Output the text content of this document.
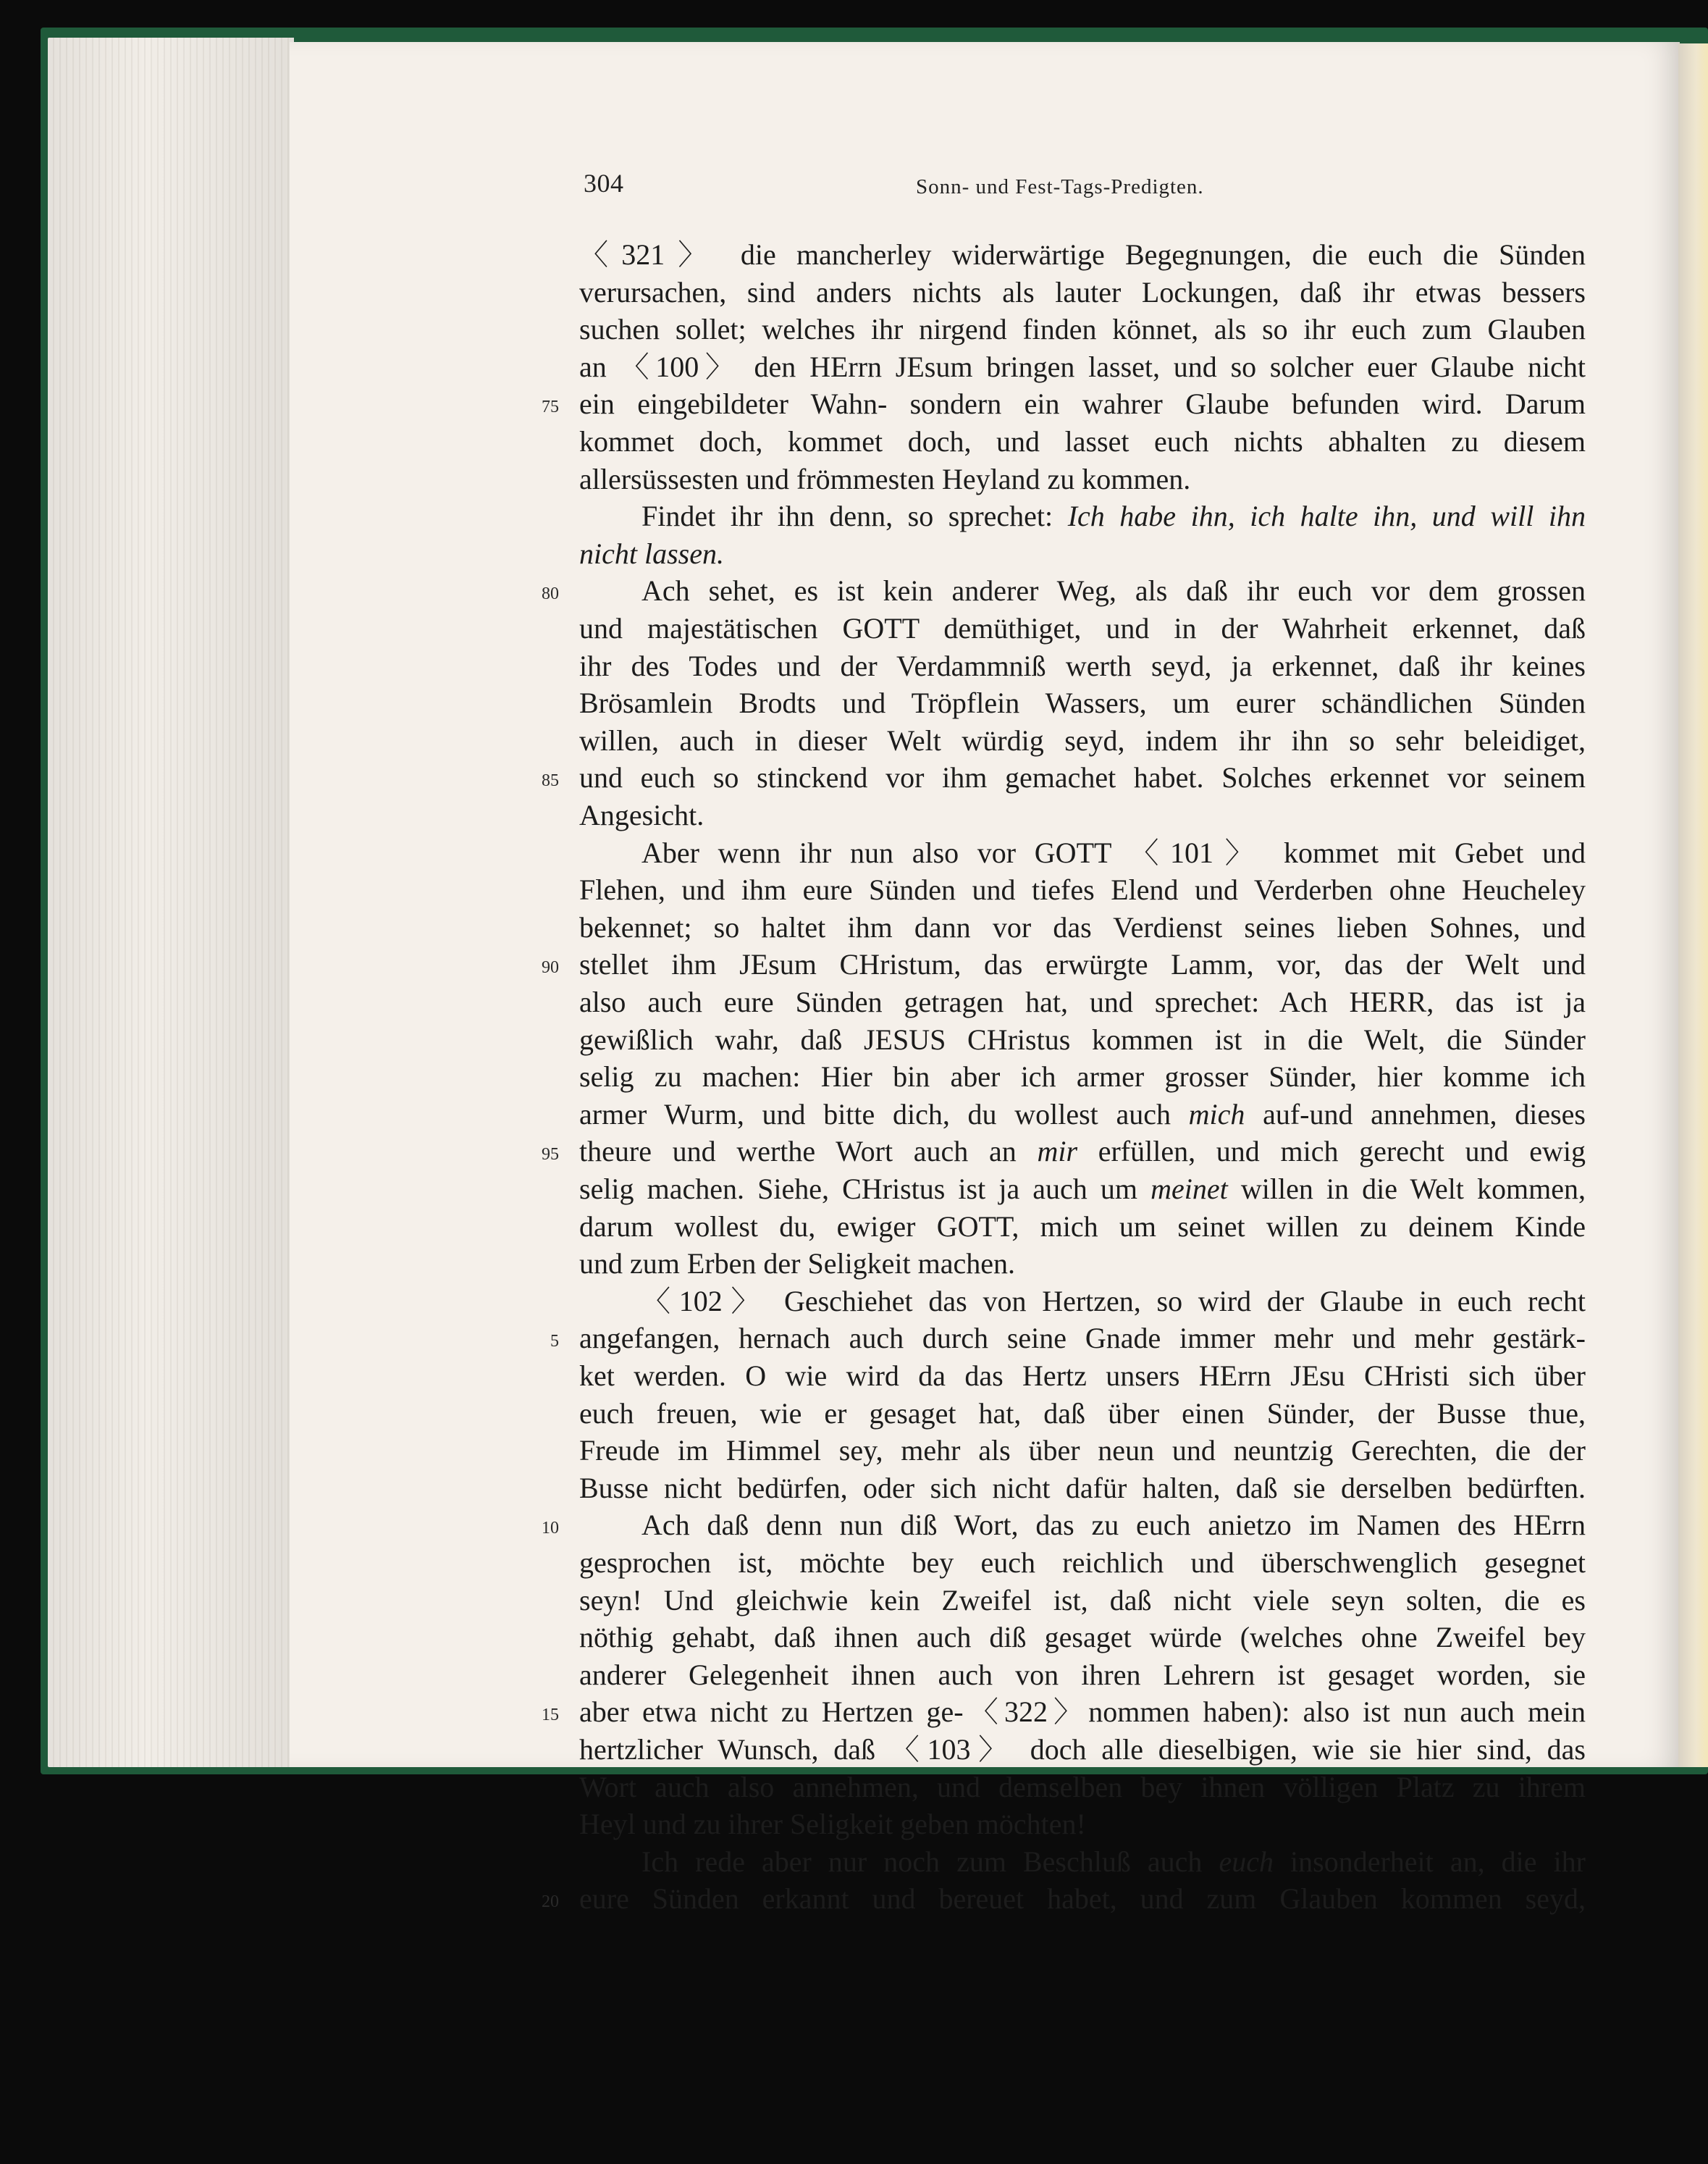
304	Sonn- und Fest-Tags-Predigten.
〈321〉 die mancherley widerwärtige Begegnungen, die euch die Sünden
verursachen, sind anders nichts als lauter Lockungen, daß ihr etwas bessers
suchen sollet; welches ihr nirgend finden könnet, als so ihr euch zum Glauben
an 〈100〉 den HErrn JEsum bringen lasset, und so solcher euer Glaube nicht
ein eingebildeter Wahn- sondern ein wahrer Glaube befunden wird. Darum
75
kommet doch, kommet doch, und lasset euch nichts abhalten zu diesem
allersüssesten und frömmesten Heyland zu kommen.
Findet ihr ihn denn, so sprechet: Ich habe ihn, ich halte ihn, und will ihn
nicht lassen.
Ach sehet, es ist kein anderer Weg, als daß ihr euch vor dem grossen
80
und majestätischen GOTT demüthiget, und in der Wahrheit erkennet, daß
ihr des Todes und der Verdammniß werth seyd, ja erkennet, daß ihr keines
Brösamlein Brodts und Tröpflein Wassers, um eurer schändlichen Sünden
willen, auch in dieser Welt würdig seyd, indem ihr ihn so sehr beleidiget,
und euch so stinckend vor ihm gemachet habet. Solches erkennet vor seinem
85
Angesicht.
Aber wenn ihr nun also vor GOTT 〈101〉 kommet mit Gebet und
Flehen, und ihm eure Sünden und tiefes Elend und Verderben ohne Heucheley
bekennet; so haltet ihm dann vor das Verdienst seines lieben Sohnes, und
stellet ihm JEsum CHristum, das erwürgte Lamm, vor, das der Welt und
90
also auch eure Sünden getragen hat, und sprechet: Ach HERR, das ist ja
gewißlich wahr, daß JESUS CHristus kommen ist in die Welt, die Sünder
selig zu machen: Hier bin aber ich armer grosser Sünder, hier komme ich
armer Wurm, und bitte dich, du wollest auch mich auf-und annehmen, dieses
theure und werthe Wort auch an mir erfüllen, und mich gerecht und ewig
95
selig machen. Siehe, CHristus ist ja auch um meinet willen in die Welt kommen,
darum wollest du, ewiger GOTT, mich um seinet willen zu deinem Kinde
und zum Erben der Seligkeit machen.
〈102〉 Geschiehet das von Hertzen, so wird der Glaube in euch recht
angefangen, hernach auch durch seine Gnade immer mehr und mehr gestärk-
5
ket werden. O wie wird da das Hertz unsers HErrn JEsu CHristi sich über
euch freuen, wie er gesaget hat, daß über einen Sünder, der Busse thue,
Freude im Himmel sey, mehr als über neun und neuntzig Gerechten, die der
Busse nicht bedürfen, oder sich nicht dafür halten, daß sie derselben bedürften.
Ach daß denn nun diß Wort, das zu euch anietzo im Namen des HErrn
10
gesprochen ist, möchte bey euch reichlich und überschwenglich gesegnet
seyn! Und gleichwie kein Zweifel ist, daß nicht viele seyn solten, die es
nöthig gehabt, daß ihnen auch diß gesaget würde (welches ohne Zweifel bey
anderer Gelegenheit ihnen auch von ihren Lehrern ist gesaget worden, sie
aber etwa nicht zu Hertzen ge-〈322〉nommen haben): also ist nun auch mein
15
hertzlicher Wunsch, daß 〈103〉 doch alle dieselbigen, wie sie hier sind, das
Wort auch also annehmen, und demselben bey ihnen völligen Platz zu ihrem
Heyl und zu ihrer Seligkeit geben möchten!
Ich rede aber nur noch zum Beschluß auch euch insonderheit an, die ihr
eure Sünden erkannt und bereuet habet, und zum Glauben kommen seyd,
20
